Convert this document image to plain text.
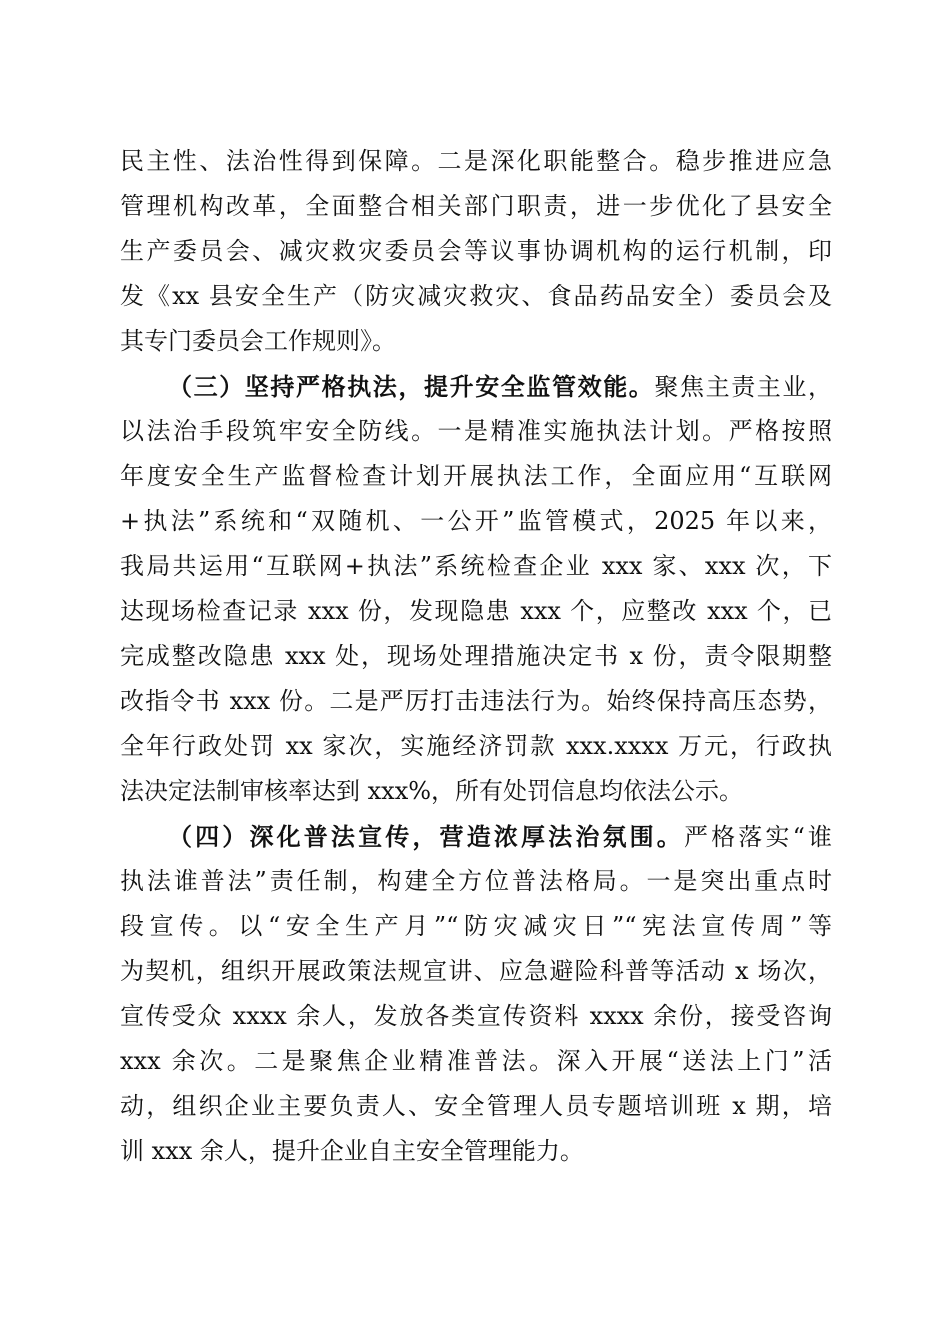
民主性、法治性得到保障。二是深化职能整合。稳步推进应急
管理机构改革，全面整合相关部门职责，进一步优化了县安全
生产委员会、减灾救灾委员会等议事协调机构的运行机制，印
发《xx 县安全生产（防灾减灾救灾、食品药品安全）委员会及
其专门委员会工作规则》。
（三）坚持严格执法，提升安全监管效能。聚焦主责主业，
以法治手段筑牢安全防线。一是精准实施执法计划。严格按照
年度安全生产监督检查计划开展执法工作，全面应用“互联网
+执法”系统和“双随机、一公开”监管模式，2025 年以来，
我局共运用“互联网+执法”系统检查企业 xxx 家、xxx 次，下
达现场检查记录 xxx 份，发现隐患 xxx 个，应整改 xxx 个，已
完成整改隐患 xxx 处，现场处理措施决定书 x 份，责令限期整
改指令书 xxx 份。二是严厉打击违法行为。始终保持高压态势，
全年行政处罚 xx 家次，实施经济罚款 xxx.xxxx 万元，行政执
法决定法制审核率达到 xxx%，所有处罚信息均依法公示。
（四）深化普法宣传，营造浓厚法治氛围。严格落实“谁
执法谁普法”责任制，构建全方位普法格局。一是突出重点时
段宣传。以“安全生产月”“防灾减灾日”“宪法宣传周”等
为契机，组织开展政策法规宣讲、应急避险科普等活动 x 场次，
宣传受众 xxxx 余人，发放各类宣传资料 xxxx 余份，接受咨询
xxx 余次。二是聚焦企业精准普法。深入开展“送法上门”活
动，组织企业主要负责人、安全管理人员专题培训班 x 期，培
训 xxx 余人，提升企业自主安全管理能力。
